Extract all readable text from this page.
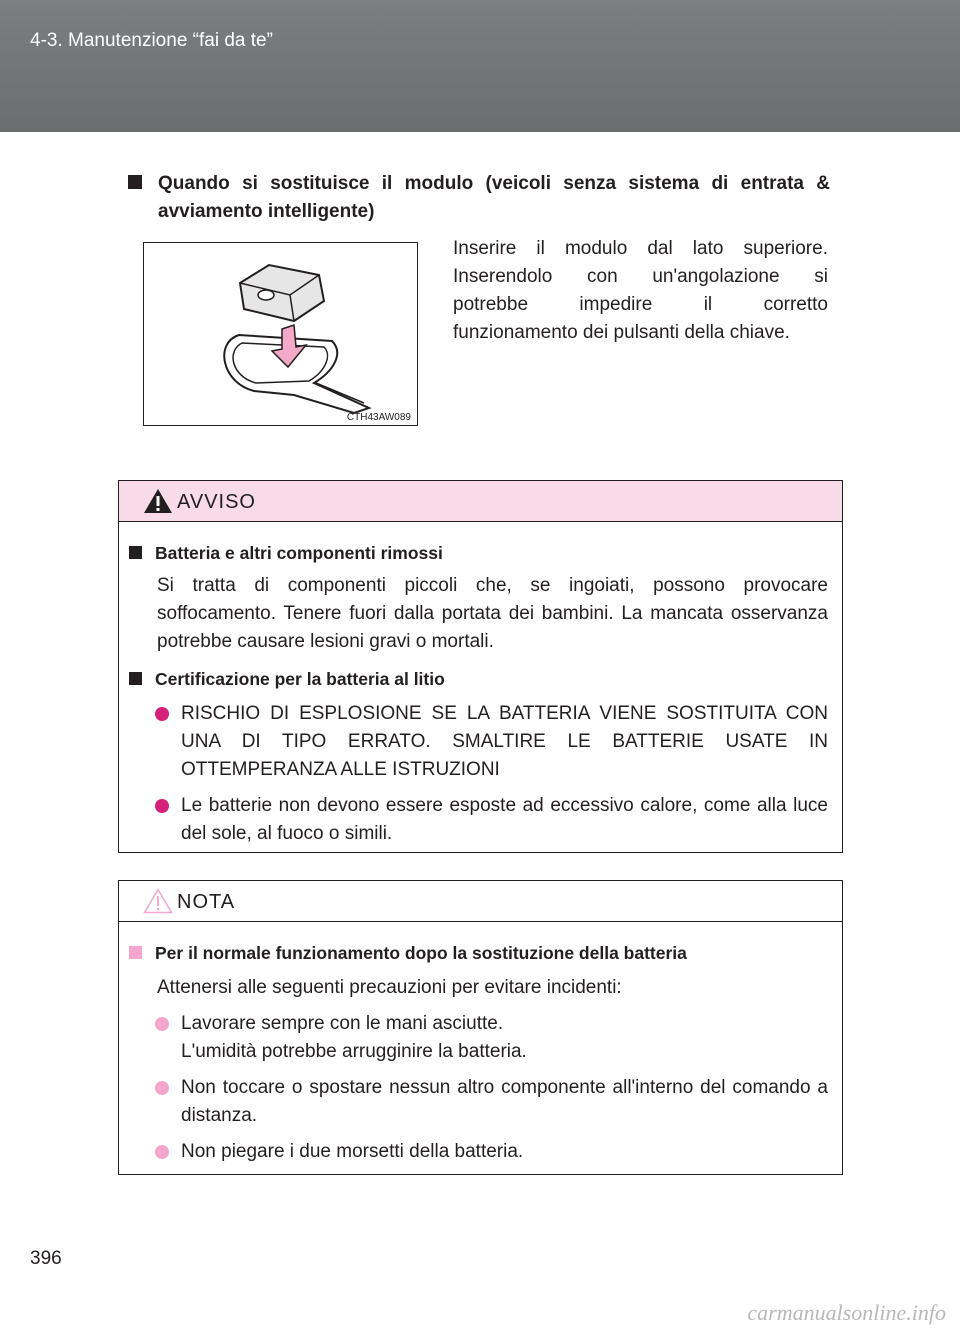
4-3. Manutenzione “fai da te”
Quando si sostituisce il modulo (veicoli senza sistema di entrata &
avviamento intelligente)
CTH43AW089
Inserire il modulo dal lato superiore.
Inserendolo con un'angolazione si
potrebbe impedire il corretto
funzionamento dei pulsanti della chiave.
AVVISO
Batteria e altri componenti rimossi
Si tratta di componenti piccoli che, se ingoiati, possono provocare soffocamento. Tenere fuori dalla portata dei bambini. La mancata osservanza potrebbe causare lesioni gravi o mortali.
Certificazione per la batteria al litio
RISCHIO DI ESPLOSIONE SE LA BATTERIA VIENE SOSTITUITA CON UNA DI TIPO ERRATO. SMALTIRE LE BATTERIE USATE IN OTTEMPERANZA ALLE ISTRUZIONI
Le batterie non devono essere esposte ad eccessivo calore, come alla luce del sole, al fuoco o simili.
NOTA
Per il normale funzionamento dopo la sostituzione della batteria
Attenersi alle seguenti precauzioni per evitare incidenti:
Lavorare sempre con le mani asciutte.
L'umidità potrebbe arrugginire la batteria.
Non toccare o spostare nessun altro componente all'interno del comando a distanza.
Non piegare i due morsetti della batteria.
396
carmanualsonline.info
